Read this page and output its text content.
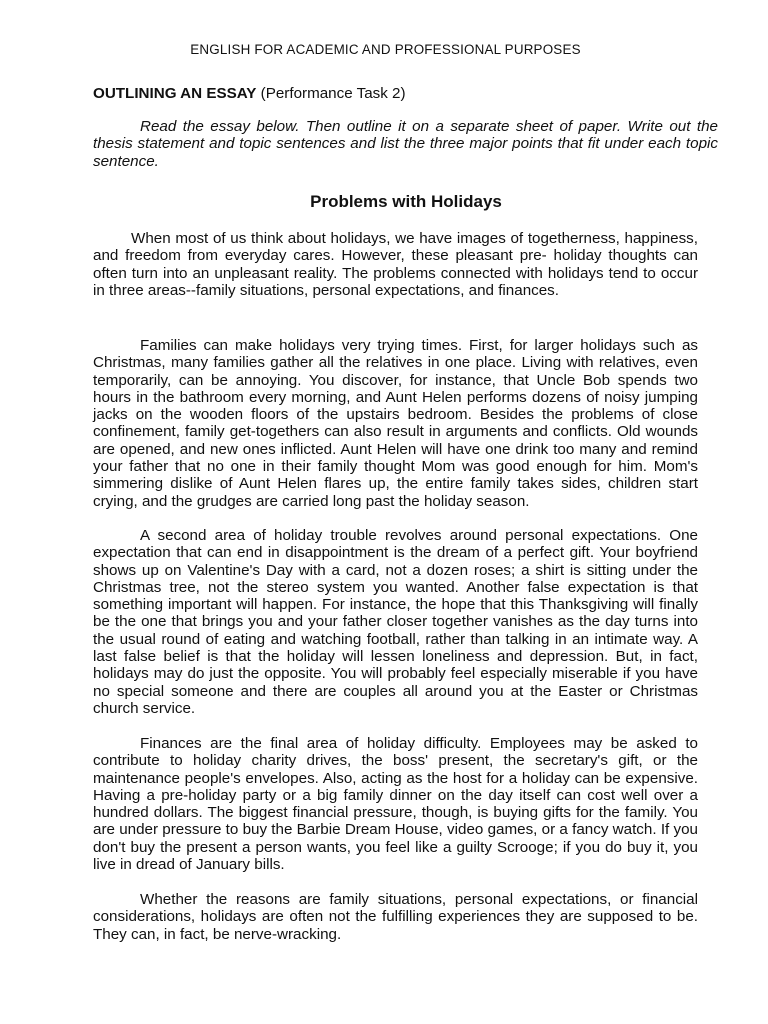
ENGLISH FOR ACADEMIC AND PROFESSIONAL PURPOSES
OUTLINING AN ESSAY (Performance Task 2)

Read the essay below. Then outline it on a separate sheet of paper. Write out the thesis statement and topic sentences and list the three major points that fit under each topic sentence.

Problems with Holidays

When most of us think about holidays, we have images of togetherness, happiness, and freedom from everyday cares. However, these pleasant pre- holiday thoughts can often turn into an unpleasant reality. The problems connected with holidays tend to occur in three areas--family situations, personal expectations, and finances.

Families can make holidays very trying times. First, for larger holidays such as Christmas, many families gather all the relatives in one place. Living with relatives, even temporarily, can be annoying. You discover, for instance, that Uncle Bob spends two hours in the bathroom every morning, and Aunt Helen performs dozens of noisy jumping jacks on the wooden floors of the upstairs bedroom. Besides the problems of close confinement, family get-togethers can also result in arguments and conflicts. Old wounds are opened, and new ones inflicted. Aunt Helen will have one drink too many and remind your father that no one in their family thought Mom was good enough for him. Mom's simmering dislike of Aunt Helen flares up, the entire family takes sides, children start crying, and the grudges are carried long past the holiday season.

A second area of holiday trouble revolves around personal expectations. One expectation that can end in disappointment is the dream of a perfect gift. Your boyfriend shows up on Valentine's Day with a card, not a dozen roses; a shirt is sitting under the Christmas tree, not the stereo system you wanted. Another false expectation is that something important will happen. For instance, the hope that this Thanksgiving will finally be the one that brings you and your father closer together vanishes as the day turns into the usual round of eating and watching football, rather than talking in an intimate way. A last false belief is that the holiday will lessen loneliness and depression. But, in fact, holidays may do just the opposite. You will probably feel especially miserable if you have no special someone and there are couples all around you at the Easter or Christmas church service.

Finances are the final area of holiday difficulty. Employees may be asked to contribute to holiday charity drives, the boss' present, the secretary's gift, or the maintenance people's envelopes. Also, acting as the host for a holiday can be expensive. Having a pre-holiday party or a big family dinner on the day itself can cost well over a hundred dollars. The biggest financial pressure, though, is buying gifts for the family. You are under pressure to buy the Barbie Dream House, video games, or a fancy watch. If you don't buy the present a person wants, you feel like a guilty Scrooge; if you do buy it, you live in dread of January bills.

Whether the reasons are family situations, personal expectations, or financial considerations, holidays are often not the fulfilling experiences they are supposed to be. They can, in fact, be nerve-wracking.
